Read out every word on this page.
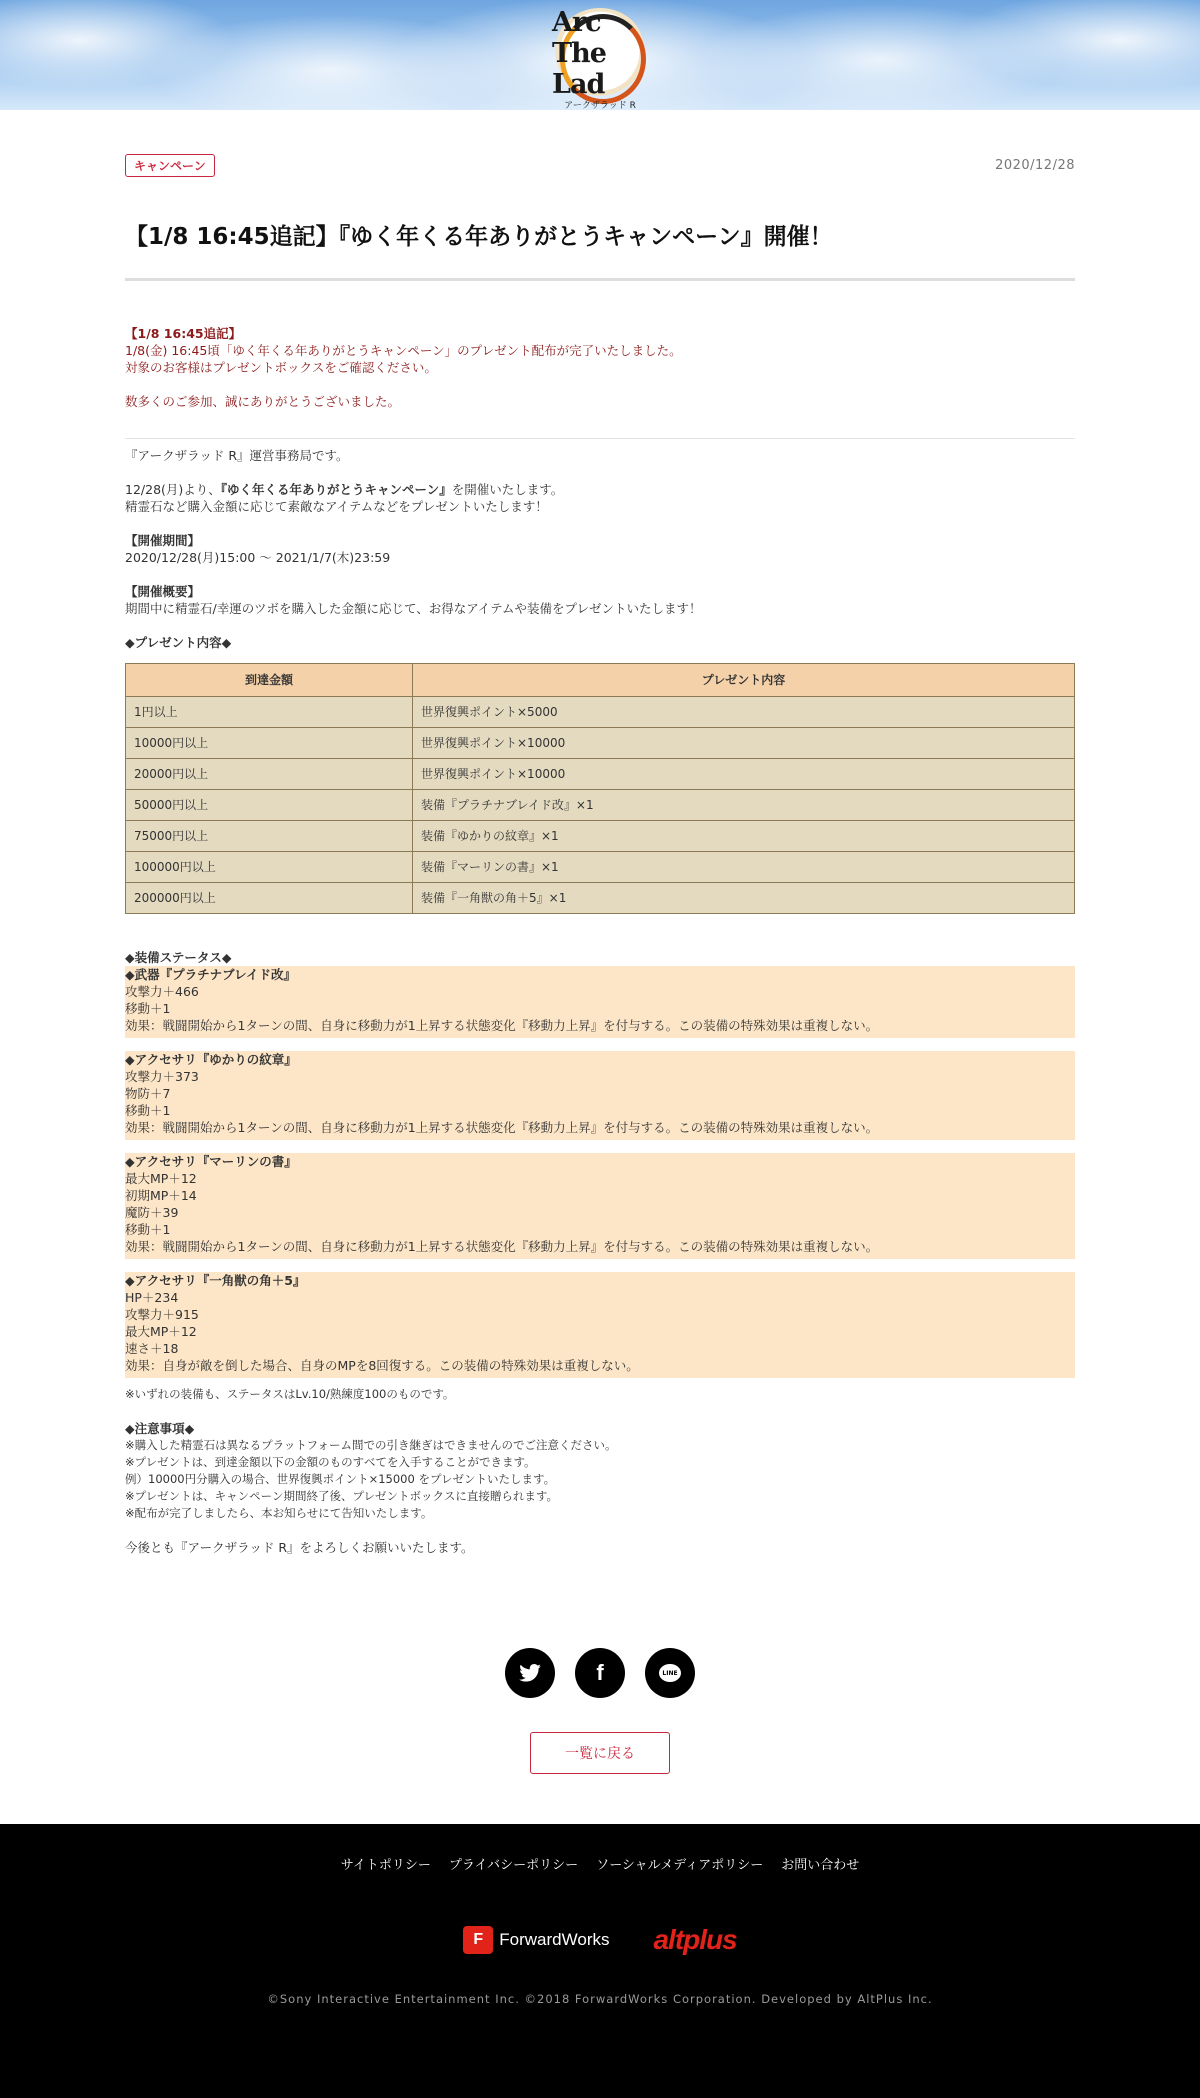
Arc The Lad
アークザラッド R
キャンペーン	2020/12/28
【1/8 16:45追記】『ゆく年くる年ありがとうキャンペーン』開催！

【1/8 16:45追記】

1/8(金) 16:45頃「ゆく年くる年ありがとうキャンペーン」のプレゼント配布が完了いたしました。

対象のお客様はプレゼントボックスをご確認ください。

数多くのご参加、誠にありがとうございました。

『アークザラッド R』運営事務局です。

12/28(月)より、『ゆく年くる年ありがとうキャンペーン』を開催いたします。

精霊石など購入金額に応じて素敵なアイテムなどをプレゼントいたします！

【開催期間】

2020/12/28(月)15:00 〜 2021/1/7(木)23:59

【開催概要】

期間中に精霊石/幸運のツボを購入した金額に応じて、お得なアイテムや装備をプレゼントいたします！

◆プレゼント内容◆

到達金額	プレゼント内容
1円以上	世界復興ポイント×5000
10000円以上	世界復興ポイント×10000
20000円以上	世界復興ポイント×10000
50000円以上	装備『プラチナブレイド改』×1
75000円以上	装備『ゆかりの紋章』×1
100000円以上	装備『マーリンの書』×1
200000円以上	装備『一角獣の角＋5』×1

◆装備ステータス◆

◆武器『プラチナブレイド改』

攻撃力＋466

移動＋1

効果：戦闘開始から1ターンの間、自身に移動力が1上昇する状態変化『移動力上昇』を付与する。この装備の特殊効果は重複しない。

◆アクセサリ『ゆかりの紋章』

攻撃力＋373

物防＋7

移動＋1

効果：戦闘開始から1ターンの間、自身に移動力が1上昇する状態変化『移動力上昇』を付与する。この装備の特殊効果は重複しない。

◆アクセサリ『マーリンの書』

最大MP＋12

初期MP＋14

魔防＋39

移動＋1

効果：戦闘開始から1ターンの間、自身に移動力が1上昇する状態変化『移動力上昇』を付与する。この装備の特殊効果は重複しない。

◆アクセサリ『一角獣の角＋5』

HP＋234

攻撃力＋915

最大MP＋12

速さ＋18

効果：自身が敵を倒した場合、自身のMPを8回復する。この装備の特殊効果は重複しない。

※いずれの装備も、ステータスはLv.10/熟練度100のものです。

◆注意事項◆

※購入した精霊石は異なるプラットフォーム間での引き継ぎはできませんのでご注意ください。

※プレゼントは、到達金額以下の金額のものすべてを入手することができます。

例）10000円分購入の場合、世界復興ポイント×15000 をプレゼントいたします。

※プレゼントは、キャンペーン期間終了後、プレゼントボックスに直接贈られます。

※配布が完了しましたら、本お知らせにて告知いたします。

今後とも『アークザラッド R』をよろしくお願いいたします。

f	LINE
一覧に戻る
サイトポリシー プライバシーポリシー ソーシャルメディアポリシー お問い合わせ
F ForwardWorks altplus
©Sony Interactive Entertainment Inc. ©2018 ForwardWorks Corporation. Developed by AltPlus Inc.
